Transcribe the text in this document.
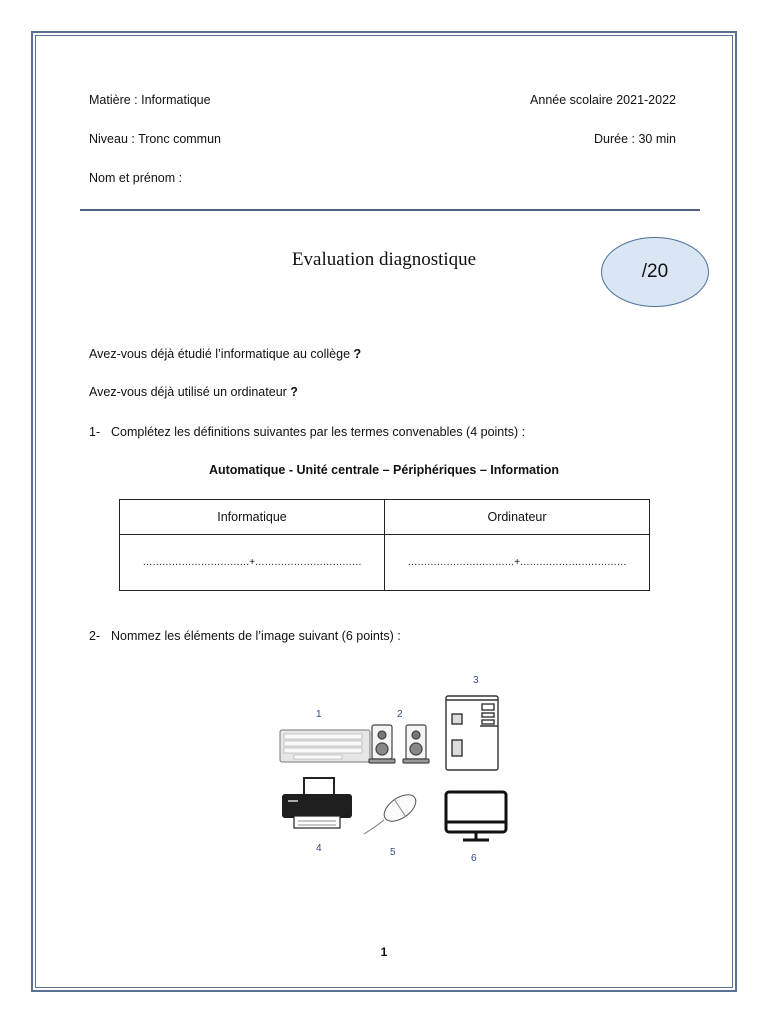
Matière : Informatique	Année scolaire 2021-2022
Niveau : Tronc commun	Durée : 30 min
Nom et prénom :
Evaluation diagnostique
/20
Avez-vous déjà étudié l’informatique au collège ?
Avez-vous déjà utilisé un ordinateur ?
1- Complétez les définitions suivantes par les termes convenables (4 points) :
Automatique - Unité centrale – Périphériques – Information
Informatique	Ordinateur
……………………………+……………………………	……………………………+……………………………
2- Nommez les éléments de l’image suivant (6 points) :
3
1	2
4	5
6
1
